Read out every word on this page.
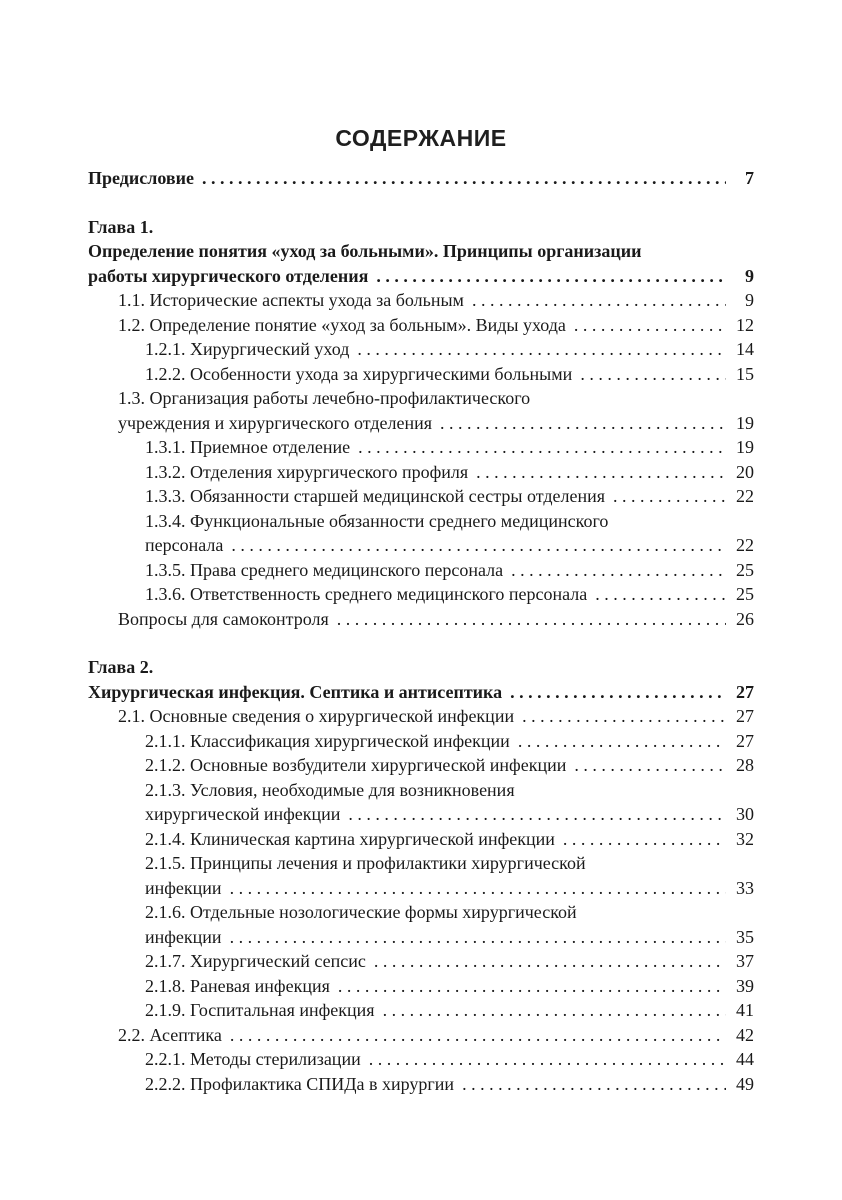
СОДЕРЖАНИЕ
Предисловие . . .	7
Глава 1.
Определение понятия «уход за больными». Принципы организации
работы хирургического отделения . . .	9
1.1. Исторические аспекты ухода за больным . . .	9
1.2. Определение понятие «уход за больным». Виды ухода . . .	12
1.2.1. Хирургический уход . . .	14
1.2.2. Особенности ухода за хирургическими больными . . .	15
1.3. Организация работы лечебно-профилактического
учреждения и хирургического отделения . . .	19
1.3.1. Приемное отделение . . .	19
1.3.2. Отделения хирургического профиля . . .	20
1.3.3. Обязанности старшей медицинской сестры отделения . . .	22
1.3.4. Функциональные обязанности среднего медицинского
персонала . . .	22
1.3.5. Права среднего медицинского персонала . . .	25
1.3.6. Ответственность среднего медицинского персонала . . .	25
Вопросы для самоконтроля . . .	26
Глава 2.
Хирургическая инфекция. Септика и антисептика . . .	27
2.1. Основные сведения о хирургической инфекции . . .	27
2.1.1. Классификация хирургической инфекции . . .	27
2.1.2. Основные возбудители хирургической инфекции . . .	28
2.1.3. Условия, необходимые для возникновения
хирургической инфекции . . .	30
2.1.4. Клиническая картина хирургической инфекции . . .	32
2.1.5. Принципы лечения и профилактики хирургической
инфекции . . .	33
2.1.6. Отдельные нозологические формы хирургической
инфекции . . .	35
2.1.7. Хирургический сепсис . . .	37
2.1.8. Раневая инфекция . . .	39
2.1.9. Госпитальная инфекция . . .	41
2.2. Асептика . . .	42
2.2.1. Методы стерилизации . . .	44
2.2.2. Профилактика СПИДа в хирургии . . .	49
